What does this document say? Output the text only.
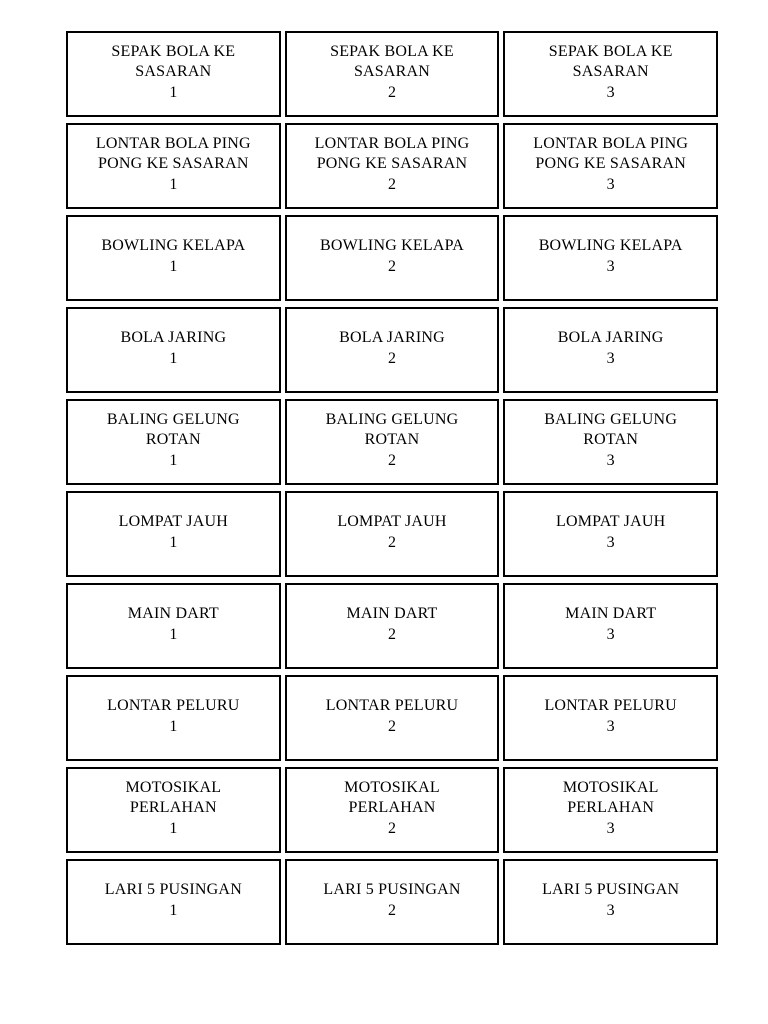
SEPAK BOLA KE
SASARAN
1
SEPAK BOLA KE
SASARAN
2
SEPAK BOLA KE
SASARAN
3
LONTAR BOLA PING
PONG KE SASARAN
1
LONTAR BOLA PING
PONG KE SASARAN
2
LONTAR BOLA PING
PONG KE SASARAN
3
BOWLING KELAPA
1
BOWLING KELAPA
2
BOWLING KELAPA
3
BOLA JARING
1
BOLA JARING
2
BOLA JARING
3
BALING GELUNG
ROTAN
1
BALING GELUNG
ROTAN
2
BALING GELUNG
ROTAN
3
LOMPAT JAUH
1
LOMPAT JAUH
2
LOMPAT JAUH
3
MAIN DART
1
MAIN DART
2
MAIN DART
3
LONTAR PELURU
1
LONTAR PELURU
2
LONTAR PELURU
3
MOTOSIKAL
PERLAHAN
1
MOTOSIKAL
PERLAHAN
2
MOTOSIKAL
PERLAHAN
3
LARI 5 PUSINGAN
1
LARI 5 PUSINGAN
2
LARI 5 PUSINGAN
3
